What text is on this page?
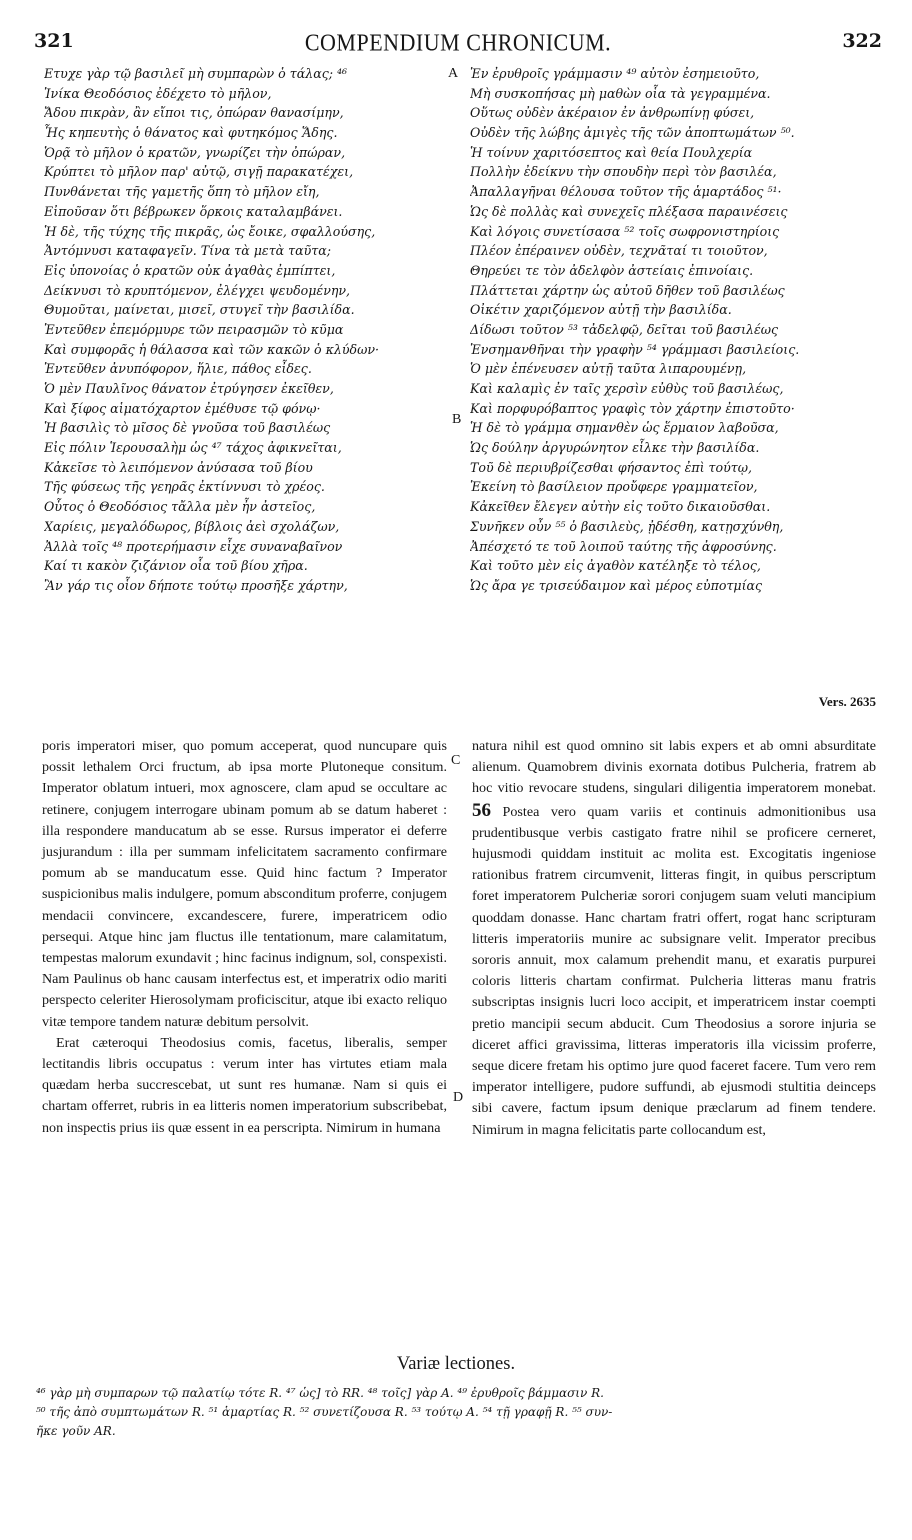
321	COMPENDIUM CHRONICUM.	322
A
B
C
D
Ετυχε γὰρ τῷ βασιλεῖ μὴ συμπαρὼν ὁ τάλας; ⁴⁶
Ἰνίκα Θεοδόσιος ἐδέχετο τὸ μῆλον,
Ἄδου πικρὰν, ἂν εἴποι τις, ὀπώραν θανασίμην,
Ἧς κηπευτὴς ὁ θάνατος καὶ φυτηκόμος Ἅδης.
Ὁρᾷ τὸ μῆλον ὁ κρατῶν, γνωρίζει τὴν ὀπώραν,
Κρύπτει τὸ μῆλον παρ' αὐτῷ, σιγῇ παρακατέχει,
Πυνθάνεται τῆς γαμετῆς ὅπη τὸ μῆλον εἴη,
Εἰποῦσαν ὅτι βέβρωκεν ὅρκοις καταλαμβάνει.
Ἡ δὲ, τῆς τύχης τῆς πικρᾶς, ὡς ἔοικε, σφαλλούσης,
Ἀντόμνυσι καταφαγεῖν. Τίνα τὰ μετὰ ταῦτα;
Εἰς ὑπονοίας ὁ κρατῶν οὐκ ἀγαθὰς ἐμπίπτει,
Δείκνυσι τὸ κρυπτόμενον, ἐλέγχει ψευδομένην,
Θυμοῦται, μαίνεται, μισεῖ, στυγεῖ τὴν βασιλίδα.
Ἐντεῦθεν ἐπεμόρμυρε τῶν πειρασμῶν τὸ κῦμα
Καὶ συμφορᾶς ἡ θάλασσα καὶ τῶν κακῶν ὁ κλύδων·
Ἐντεῦθεν ἀνυπόφορον, ἥλιε, πάθος εἶδες.
Ὁ μὲν Παυλῖνος θάνατον ἐτρύγησεν ἐκεῖθεν,
Καὶ ξίφος αἱματόχαρτον ἐμέθυσε τῷ φόνῳ·
Ἡ βασιλὶς τὸ μῖσος δὲ γνοῦσα τοῦ βασιλέως
Εἰς πόλιν Ἱερουσαλὴμ ὡς ⁴⁷ τάχος ἀφικνεῖται,
Κἀκεῖσε τὸ λειπόμενον ἀνύσασα τοῦ βίου
Τῆς φύσεως τῆς γεηρᾶς ἐκτίννυσι τὸ χρέος.
Οὗτος ὁ Θεοδόσιος τἄλλα μὲν ἦν ἀστεῖος,
Χαρίεις, μεγαλόδωρος, βίβλοις ἀεὶ σχολάζων,
Ἀλλὰ τοῖς ⁴⁸ προτερήμασιν εἶχε συναναβαῖνον
Καί τι κακὸν ζιζάνιον οἷα τοῦ βίου χῆρα.
Ἂν γάρ τις οἷον δήποτε τούτῳ προσῆξε χάρτην,
Ἐν ἐρυθροῖς γράμμασιν ⁴⁹ αὐτὸν ἐσημειοῦτο,
Μὴ συσκοπήσας μὴ μαθὼν οἷα τὰ γεγραμμένα.
Οὕτως οὐδὲν ἀκέραιον ἐν ἀνθρωπίνῃ φύσει,
Οὐδὲν τῆς λώβης ἀμιγὲς τῆς τῶν ἀποπτωμάτων ⁵⁰.
Ἡ τοίνυν χαριτόσεπτος καὶ θεία Πουλχερία
Πολλὴν ἐδείκνυ τὴν σπουδὴν περὶ τὸν βασιλέα,
Ἀπαλλαγῆναι θέλουσα τοῦτον τῆς ἁμαρτάδος ⁵¹·
Ὡς δὲ πολλὰς καὶ συνεχεῖς πλέξασα παραινέσεις
Καὶ λόγοις συνετίσασα ⁵² τοῖς σωφρονιστηρίοις
Πλέον ἐπέραινεν οὐδὲν, τεχνᾶταί τι τοιοῦτον,
Θηρεύει τε τὸν ἀδελφὸν ἀστείαις ἐπινοίαις.
Πλάττεται χάρτην ὡς αὐτοῦ δῆθεν τοῦ βασιλέως
Οἰκέτιν χαριζόμενον αὐτῇ τὴν βασιλίδα.
Δίδωσι τοῦτον ⁵³ τἀδελφῷ, δεῖται τοῦ βασιλέως
Ἐνσημανθῆναι τὴν γραφὴν ⁵⁴ γράμμασι βασιλείοις.
Ὁ μὲν ἐπένευσεν αὐτῇ ταῦτα λιπαρουμένῃ,
Καὶ καλαμὶς ἐν ταῖς χερσὶν εὐθὺς τοῦ βασιλέως,
Καὶ πορφυρόβαπτος γραφὶς τὸν χάρτην ἐπιστοῦτο·
Ἡ δὲ τὸ γράμμα σημανθὲν ὡς ἕρμαιον λαβοῦσα,
Ὡς δούλην ἀργυρώνητον εἷλκε τὴν βασιλίδα.
Τοῦ δὲ περιυβρίζεσθαι φήσαντος ἐπὶ τούτῳ,
Ἐκείνη τὸ βασίλειον προὔφερε γραμματεῖον,
Κἀκεῖθεν ἔλεγεν αὐτὴν εἰς τοῦτο δικαιοῦσθαι.
Συνῆκεν οὖν ⁵⁵ ὁ βασιλεὺς, ᾐδέσθη, κατῃσχύνθη,
Ἀπέσχετό τε τοῦ λοιποῦ ταύτης τῆς ἀφροσύνης.
Καὶ τοῦτο μὲν εἰς ἀγαθὸν κατέληξε τὸ τέλος,
Ὡς ἄρα γε τρισεύδαιμον καὶ μέρος εὐποτμίας
Vers. 2635

poris imperatori miser, quo pomum acceperat, quod nuncupare quis possit lethalem Orci fructum, ab ipsa morte Plutoneque consitum. Imperator oblatum intueri, mox agnoscere, clam apud se occultare ac retinere, conjugem interrogare ubinam pomum ab se datum haberet : illa respondere manducatum ab se esse. Rursus imperator ei deferre jusjurandum : illa per summam infelicitatem sacramento confirmare pomum ab se manducatum esse. Quid hinc factum ? Imperator suspicionibus malis indulgere, pomum absconditum proferre, conjugem mendacii convincere, excandescere, furere, imperatricem odio persequi. Atque hinc jam fluctus ille tentationum, mare calamitatum, tempestas malorum exundavit ; hinc facinus indignum, sol, conspexisti. Nam Paulinus ob hanc causam interfectus est, et imperatrix odio mariti perspecto celeriter Hierosolymam proficiscitur, atque ibi exacto reliquo vitæ tempore tandem naturæ debitum persolvit.

Erat cæteroqui Theodosius comis, facetus, liberalis, semper lectitandis libris occupatus : verum inter has virtutes etiam mala quædam herba succrescebat, ut sunt res humanæ. Nam si quis ei chartam offerret, rubris in ea litteris nomen imperatorium subscribebat, non inspectis prius iis quæ essent in ea perscripta. Nimirum in humana

natura nihil est quod omnino sit labis expers et ab omni absurditate alienum. Quamobrem divinis exornata dotibus Pulcheria, fratrem ab hoc vitio revocare studens, singulari diligentia imperatorem monebat. 56 Postea vero quam variis et continuis admonitionibus usa prudentibusque verbis castigato fratre nihil se proficere cerneret, hujusmodi quiddam instituit ac molita est. Excogitatis ingeniose rationibus fratrem circumvenit, litteras fingit, in quibus perscriptum foret imperatorem Pulcheriæ sorori conjugem suam veluti mancipium quoddam donasse. Hanc chartam fratri offert, rogat hanc scripturam litteris imperatoriis munire ac subsignare velit. Imperator precibus sororis annuit, mox calamum prehendit manu, et exaratis purpurei coloris litteris chartam confirmat. Pulcheria litteras manu fratris subscriptas insignis lucri loco accipit, et imperatricem instar coempti pretio mancipii secum abducit. Cum Theodosius a sorore injuria se diceret affici gravissima, litteras imperatoris illa vicissim proferre, seque dicere fretam his optimo jure quod faceret facere. Tum vero rem imperator intelligere, pudore suffundi, ab ejusmodi stultitia deinceps sibi cavere, factum ipsum denique præclarum ad finem tendere. Nimirum in magna felicitatis parte collocandum est,

Variæ lectiones.
⁴⁶ γὰρ μὴ συμπαρων τῷ παλατίῳ τότε R. ⁴⁷ ὡς] τὸ RR. ⁴⁸ τοῖς] γὰρ A. ⁴⁹ ἐρυθροῖς βάμμασιν R.
⁵⁰ τῆς ἀπὸ συμπτωμάτων R. ⁵¹ ἁμαρτίας R. ⁵² συνετίζουσα R. ⁵³ τούτῳ A. ⁵⁴ τῇ γραφῇ R. ⁵⁵ συν-
ῆκε γοῦν AR.
